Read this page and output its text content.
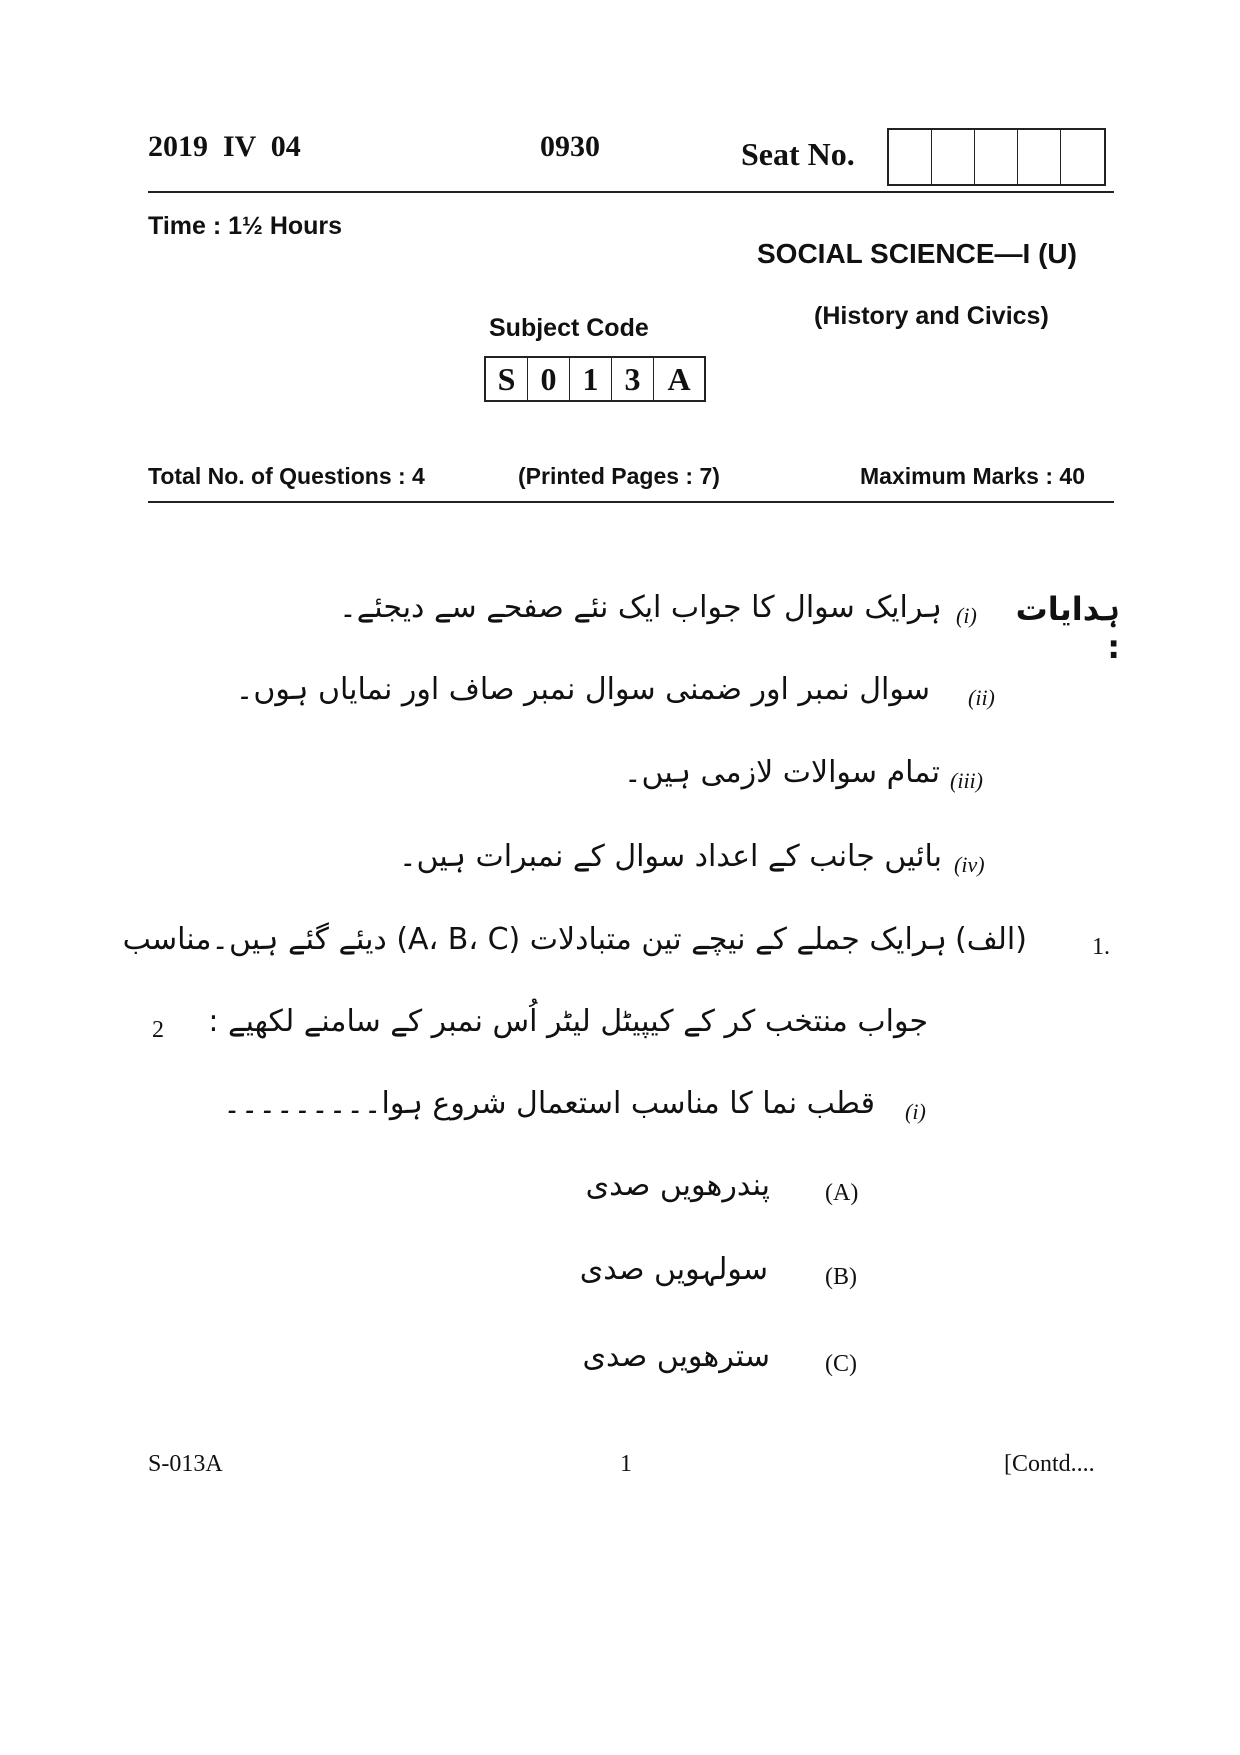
2019  IV  04	0930	Seat No.
Time : 1½ Hours
SOCIAL SCIENCE—I (U)
(History and Civics)
Subject Code
S 0 1 3 A
Total No. of Questions : 4	(Printed Pages : 7)	Maximum Marks : 40
ہدایات :
(i)
ہرایک سوال کا جواب ایک نئے صفحے سے دیجئے۔
(ii)
سوال نمبر اور ضمنی سوال نمبر صاف اور نمایاں ہوں۔
(iii)
تمام سوالات لازمی ہیں۔
(iv)
بائیں جانب کے اعداد سوال کے نمبرات ہیں۔
1.
(الف)
ہرایک جملے کے نیچے تین متبادلات (A، B، C) دیئے گئے ہیں۔مناسب
2 جواب منتخب کر کے کیپیٹل لیٹر اُس نمبر کے سامنے لکھیے :
(i)
قطب نما کا مناسب استعمال شروع ہوا۔۔۔۔۔۔۔۔۔
(A)
پندرھویں صدی
(B)
سولہویں صدی
(C)
سترھویں صدی
S-013A	1	[Contd....
